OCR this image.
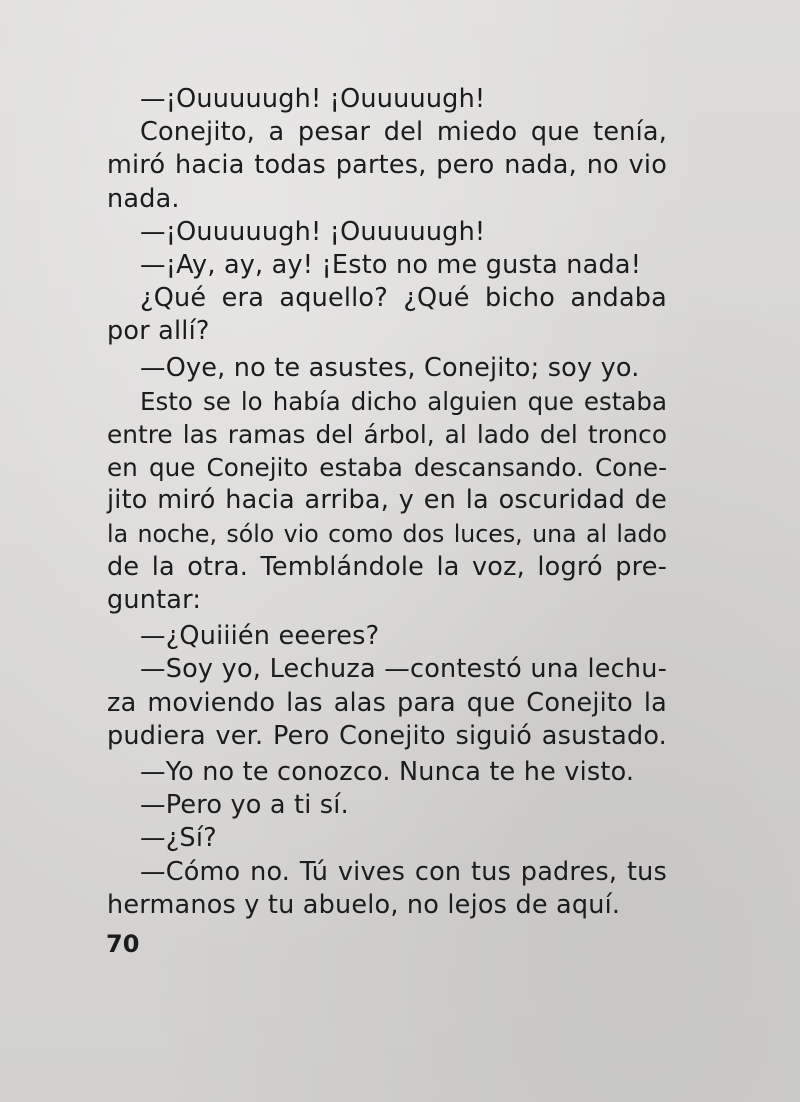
—¡Ouuuuugh! ¡Ouuuuugh!
Conejito, a pesar del miedo que tenía,
miró hacia todas partes, pero nada, no vio
nada.
—¡Ouuuuugh! ¡Ouuuuugh!
—¡Ay, ay, ay! ¡Esto no me gusta nada!
¿Qué era aquello? ¿Qué bicho andaba
por allí?
—Oye, no te asustes, Conejito; soy yo.
Esto se lo había dicho alguien que estaba
entre las ramas del árbol, al lado del tronco
en que Conejito estaba descansando. Cone-
jito miró hacia arriba, y en la oscuridad de
la noche, sólo vio como dos luces, una al lado
de la otra. Temblándole la voz, logró pre-
guntar:
—¿Quiiién eeeres?
—Soy yo, Lechuza —contestó una lechu-
za moviendo las alas para que Conejito la
pudiera ver. Pero Conejito siguió asustado.
—Yo no te conozco. Nunca te he visto.
—Pero yo a ti sí.
—¿Sí?
—Cómo no. Tú vives con tus padres, tus
hermanos y tu abuelo, no lejos de aquí.
70
